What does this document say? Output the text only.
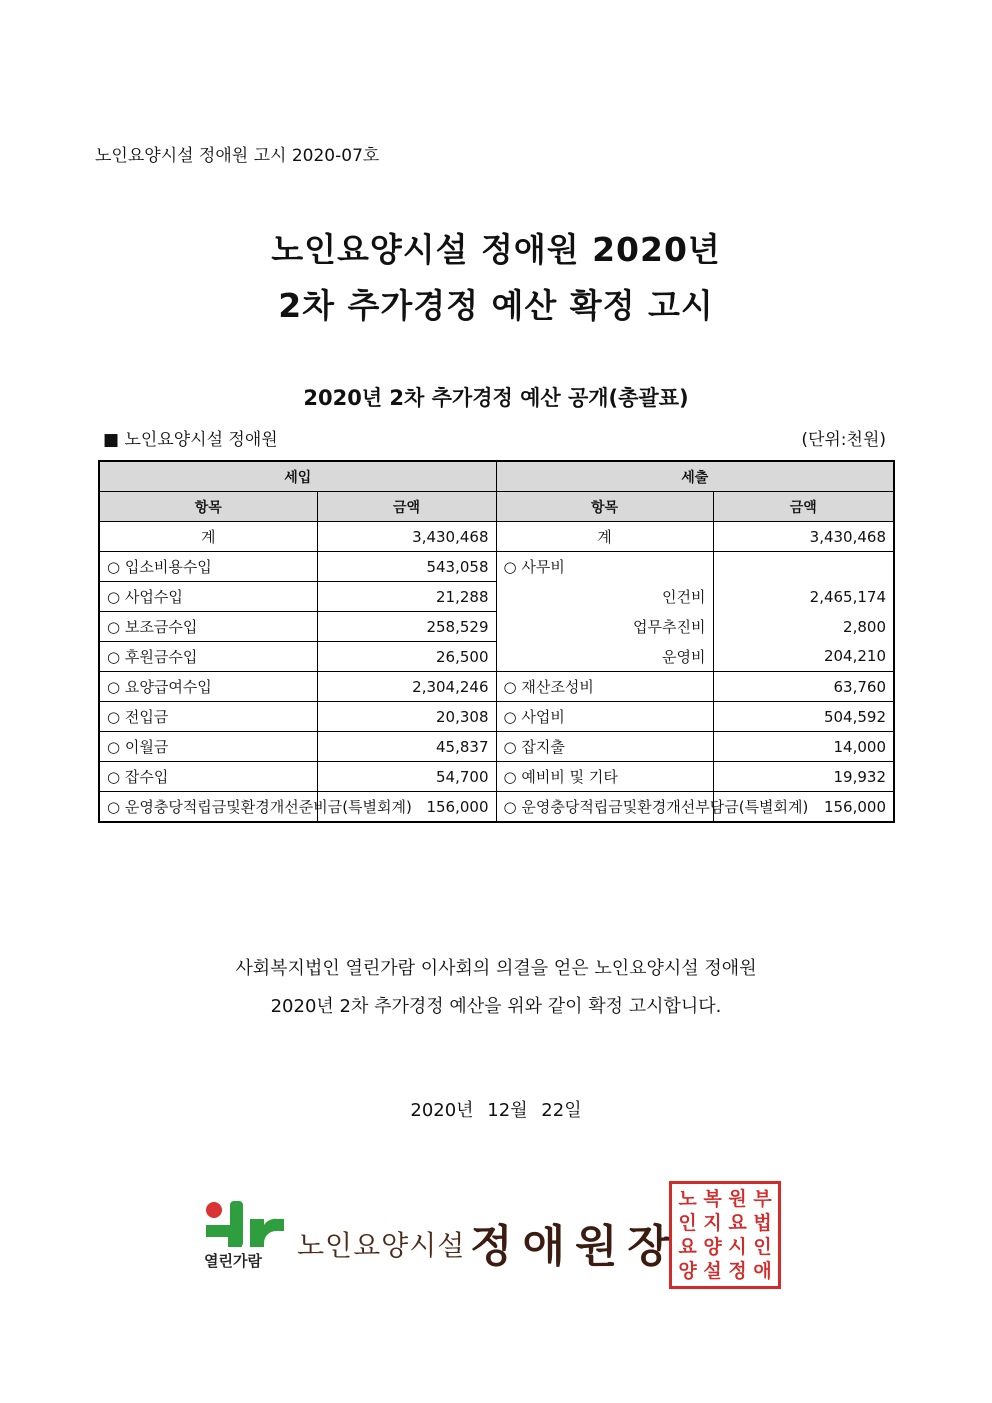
노인요양시설 정애원 고시 2020-07호
노인요양시설 정애원 2020년
2차 추가경정 예산 확정 고시
2020년 2차 추가경정 예산 공개(총괄표)
■ 노인요양시설 정애원	(단위:천원)
세입		세출	
항목	금액	항목	금액
계	3,430,468	계	3,430,468
○ 입소비용수입	543,058	○ 사무비	
○ 사업수입	21,288	인건비	2,465,174
○ 보조금수입	258,529	업무추진비	2,800
○ 후원금수입	26,500	운영비	204,210
○ 요양급여수입	2,304,246	○ 재산조성비	63,760
○ 전입금	20,308	○ 사업비	504,592
○ 이월금	45,837	○ 잡지출	14,000
○ 잡수입	54,700	○ 예비비 및 기타	19,932
○ 운영충당적립금및환경개선준비금(특별회계)	156,000	○ 운영충당적립금및환경개선부담금(특별회계)	156,000
사회복지법인 열린가람 이사회의 의결을 얻은 노인요양시설 정애원
2020년 2차 추가경정 예산을 위와 같이 확정 고시합니다.
2020년 12월 22일
열린가람 노인요양시설 정애원장
노 복 원 부
인 지 요 법
요 양 시 인
양 설 정 애
